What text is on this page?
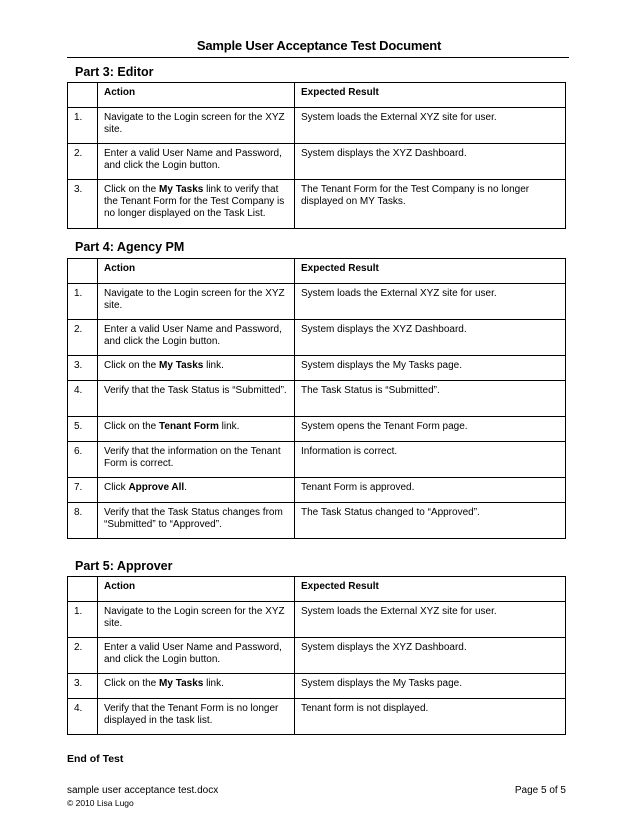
Sample User Acceptance Test Document
Part 3: Editor
	Action	Expected Result
1.	Navigate to the Login screen for the XYZ site.	System loads the External XYZ site for user.
2.	Enter a valid User Name and Password, and click the Login button.	System displays the XYZ Dashboard.
3.	Click on the My Tasks link to verify that the Tenant Form for the Test Company is no longer displayed on the Task List.	The Tenant Form for the Test Company is no longer displayed on MY Tasks.
Part 4: Agency PM
	Action	Expected Result
1.	Navigate to the Login screen for the XYZ site.	System loads the External XYZ site for user.
2.	Enter a valid User Name and Password, and click the Login button.	System displays the XYZ Dashboard.
3.	Click on the My Tasks link.	System displays the My Tasks page.
4.	Verify that the Task Status is “Submitted”.	The Task Status is “Submitted”.
5.	Click on the Tenant Form link.	System opens the Tenant Form page.
6.	Verify that the information on the Tenant Form is correct.	Information is correct.
7.	Click Approve All.	Tenant Form is approved.
8.	Verify that the Task Status changes from “Submitted” to “Approved”.	The Task Status changed to “Approved”.
Part 5: Approver
	Action	Expected Result
1.	Navigate to the Login screen for the XYZ site.	System loads the External XYZ site for user.
2.	Enter a valid User Name and Password, and click the Login button.	System displays the XYZ Dashboard.
3.	Click on the My Tasks link.	System displays the My Tasks page.
4.	Verify that the Tenant Form is no longer displayed in the task list.	Tenant form is not displayed.
End of Test
sample user acceptance test.docx
© 2010 Lisa Lugo
Page 5 of 5
